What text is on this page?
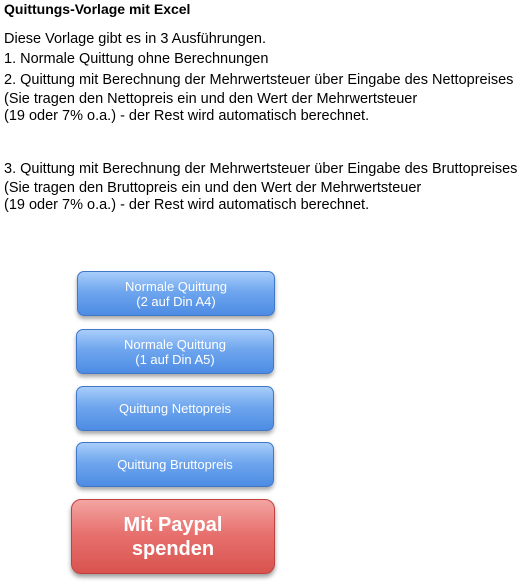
Quittungs-Vorlage mit Excel
Diese Vorlage gibt es in 3 Ausführungen.
1. Normale Quittung ohne Berechnungen
2. Quittung mit Berechnung der Mehrwertsteuer über Eingabe des Nettopreises
(Sie tragen den Nettopreis ein und den Wert der Mehrwertsteuer
(19 oder 7% o.a.) - der Rest wird automatisch berechnet.
3. Quittung mit Berechnung der Mehrwertsteuer über Eingabe des Bruttopreises
(Sie tragen den Bruttopreis ein und den Wert der Mehrwertsteuer
(19 oder 7% o.a.) - der Rest wird automatisch berechnet.
Normale Quittung
(2 auf Din A4)
Normale Quittung
(1 auf Din A5)
Quittung Nettopreis
Quittung Bruttopreis
Mit Paypal
spenden
